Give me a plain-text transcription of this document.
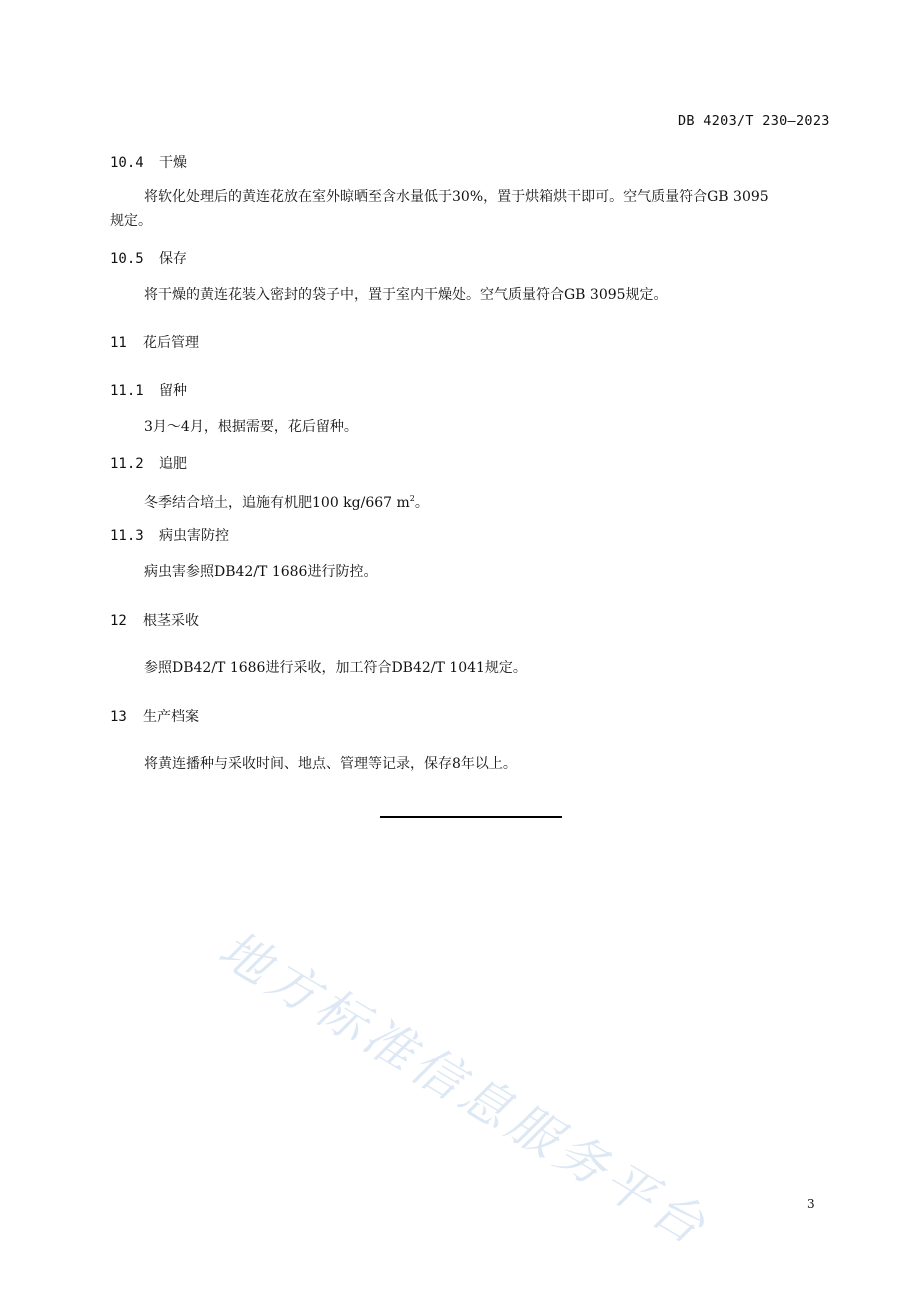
DB 4203/T 230—2023
10.4 干燥
将软化处理后的黄连花放在室外晾晒至含水量低于30%，置于烘箱烘干即可。空气质量符合GB 3095
规定。
10.5 保存
将干燥的黄连花装入密封的袋子中，置于室内干燥处。空气质量符合GB 3095规定。
11 花后管理
11.1 留种
3月～4月，根据需要，花后留种。
11.2 追肥
冬季结合培土，追施有机肥100 kg/667 $m^2$。
11.3 病虫害防控
病虫害参照DB42/T 1686进行防控。
12 根茎采收
参照DB42/T 1686进行采收，加工符合DB42/T 1041规定。
13 生产档案
将黄连播种与采收时间、地点、管理等记录，保存8年以上。
地方标准信息服务平台	3
